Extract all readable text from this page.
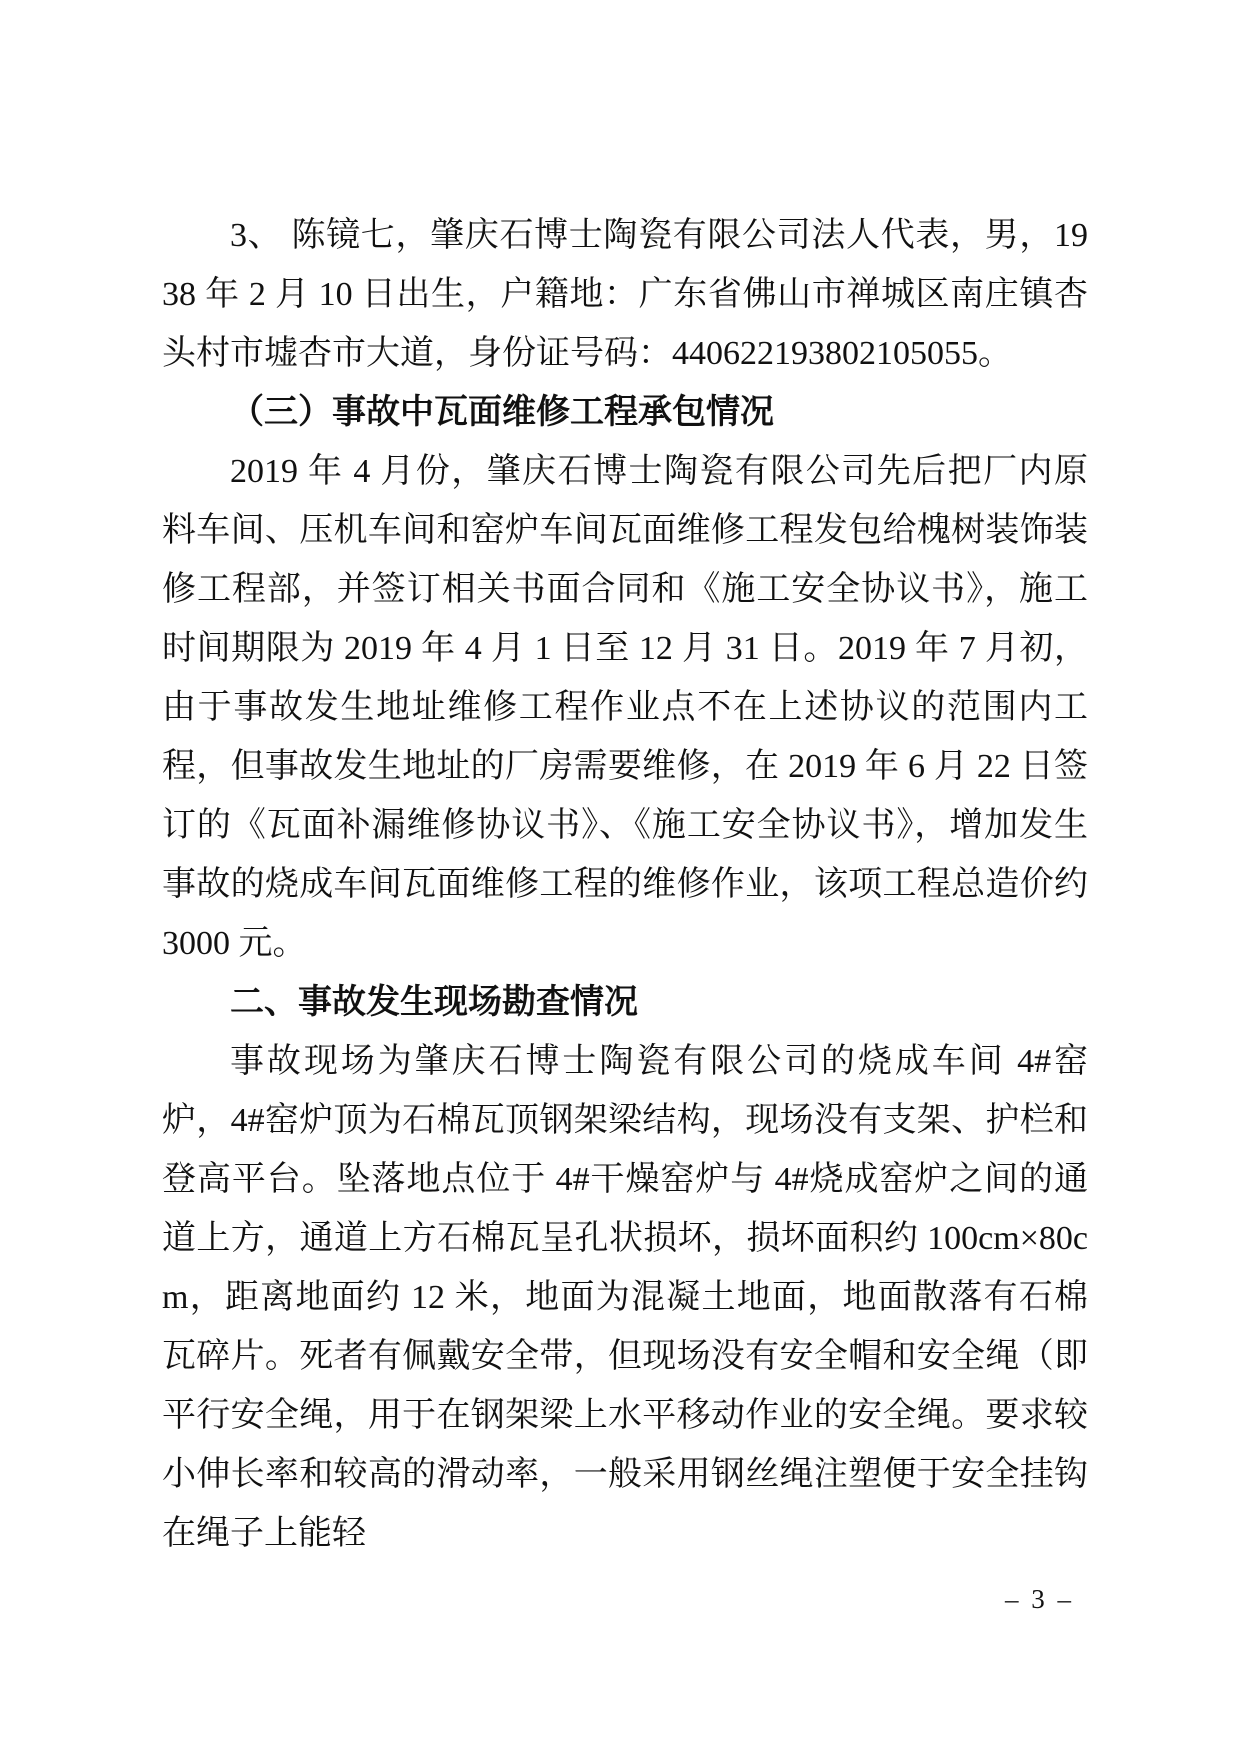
3、 陈镜七，肇庆石博士陶瓷有限公司法人代表，男，1938 年 2 月 10 日出生，户籍地：广东省佛山市禅城区南庄镇杏头村市墟杏市大道，身份证号码：440622193802105055。

（三）事故中瓦面维修工程承包情况

2019 年 4 月份，肇庆石博士陶瓷有限公司先后把厂内原料车间、压机车间和窑炉车间瓦面维修工程发包给槐树装饰装修工程部，并签订相关书面合同和《施工安全协议书》，施工时间期限为 2019 年 4 月 1 日至 12 月 31 日。2019 年 7 月初，由于事故发生地址维修工程作业点不在上述协议的范围内工程，但事故发生地址的厂房需要维修，在 2019 年 6 月 22 日签订的《瓦面补漏维修协议书》、《施工安全协议书》，增加发生事故的烧成车间瓦面维修工程的维修作业，该项工程总造价约 3000 元。

二、事故发生现场勘查情况

事故现场为肇庆石博士陶瓷有限公司的烧成车间 4#窑炉，4#窑炉顶为石棉瓦顶钢架梁结构，现场没有支架、护栏和登高平台。坠落地点位于 4#干燥窑炉与 4#烧成窑炉之间的通道上方，通道上方石棉瓦呈孔状损坏，损坏面积约 100cm×80cm，距离地面约 12 米，地面为混凝土地面，地面散落有石棉瓦碎片。死者有佩戴安全带，但现场没有安全帽和安全绳（即平行安全绳，用于在钢架梁上水平移动作业的安全绳。要求较小伸长率和较高的滑动率，一般采用钢丝绳注塑便于安全挂钩在绳子上能轻

– 3 –
